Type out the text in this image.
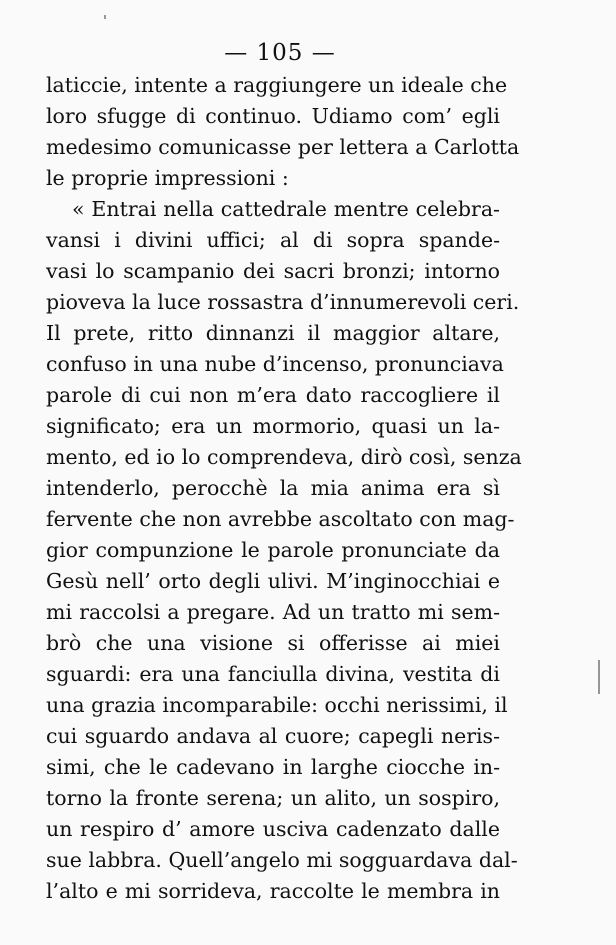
— 105 —
laticcie, intente a raggiungere un ideale che
loro sfugge di continuo. Udiamo com’ egli
medesimo comunicasse per lettera a Carlotta
le proprie impressioni :
« Entrai nella cattedrale mentre celebra-
vansi i divini uffici; al di sopra spande-
vasi lo scampanio dei sacri bronzi; intorno
pioveva la luce rossastra d’innumerevoli ceri.
Il prete, ritto dinnanzi il maggior altare,
confuso in una nube d’incenso, pronunciava
parole di cui non m’era dato raccogliere il
significato; era un mormorio, quasi un la-
mento, ed io lo comprendeva, dirò così, senza
intenderlo, perocchè la mia anima era sì
fervente che non avrebbe ascoltato con mag-
gior compunzione le parole pronunciate da
Gesù nell’ orto degli ulivi. M’inginocchiai e
mi raccolsi a pregare. Ad un tratto mi sem-
brò che una visione si offerisse ai miei
sguardi: era una fanciulla divina, vestita di
una grazia incomparabile: occhi nerissimi, il
cui sguardo andava al cuore; capegli neris-
simi, che le cadevano in larghe ciocche in-
torno la fronte serena; un alito, un sospiro,
un respiro d’ amore usciva cadenzato dalle
sue labbra. Quell’angelo mi sogguardava dal-
l’alto e mi sorrideva, raccolte le membra in
